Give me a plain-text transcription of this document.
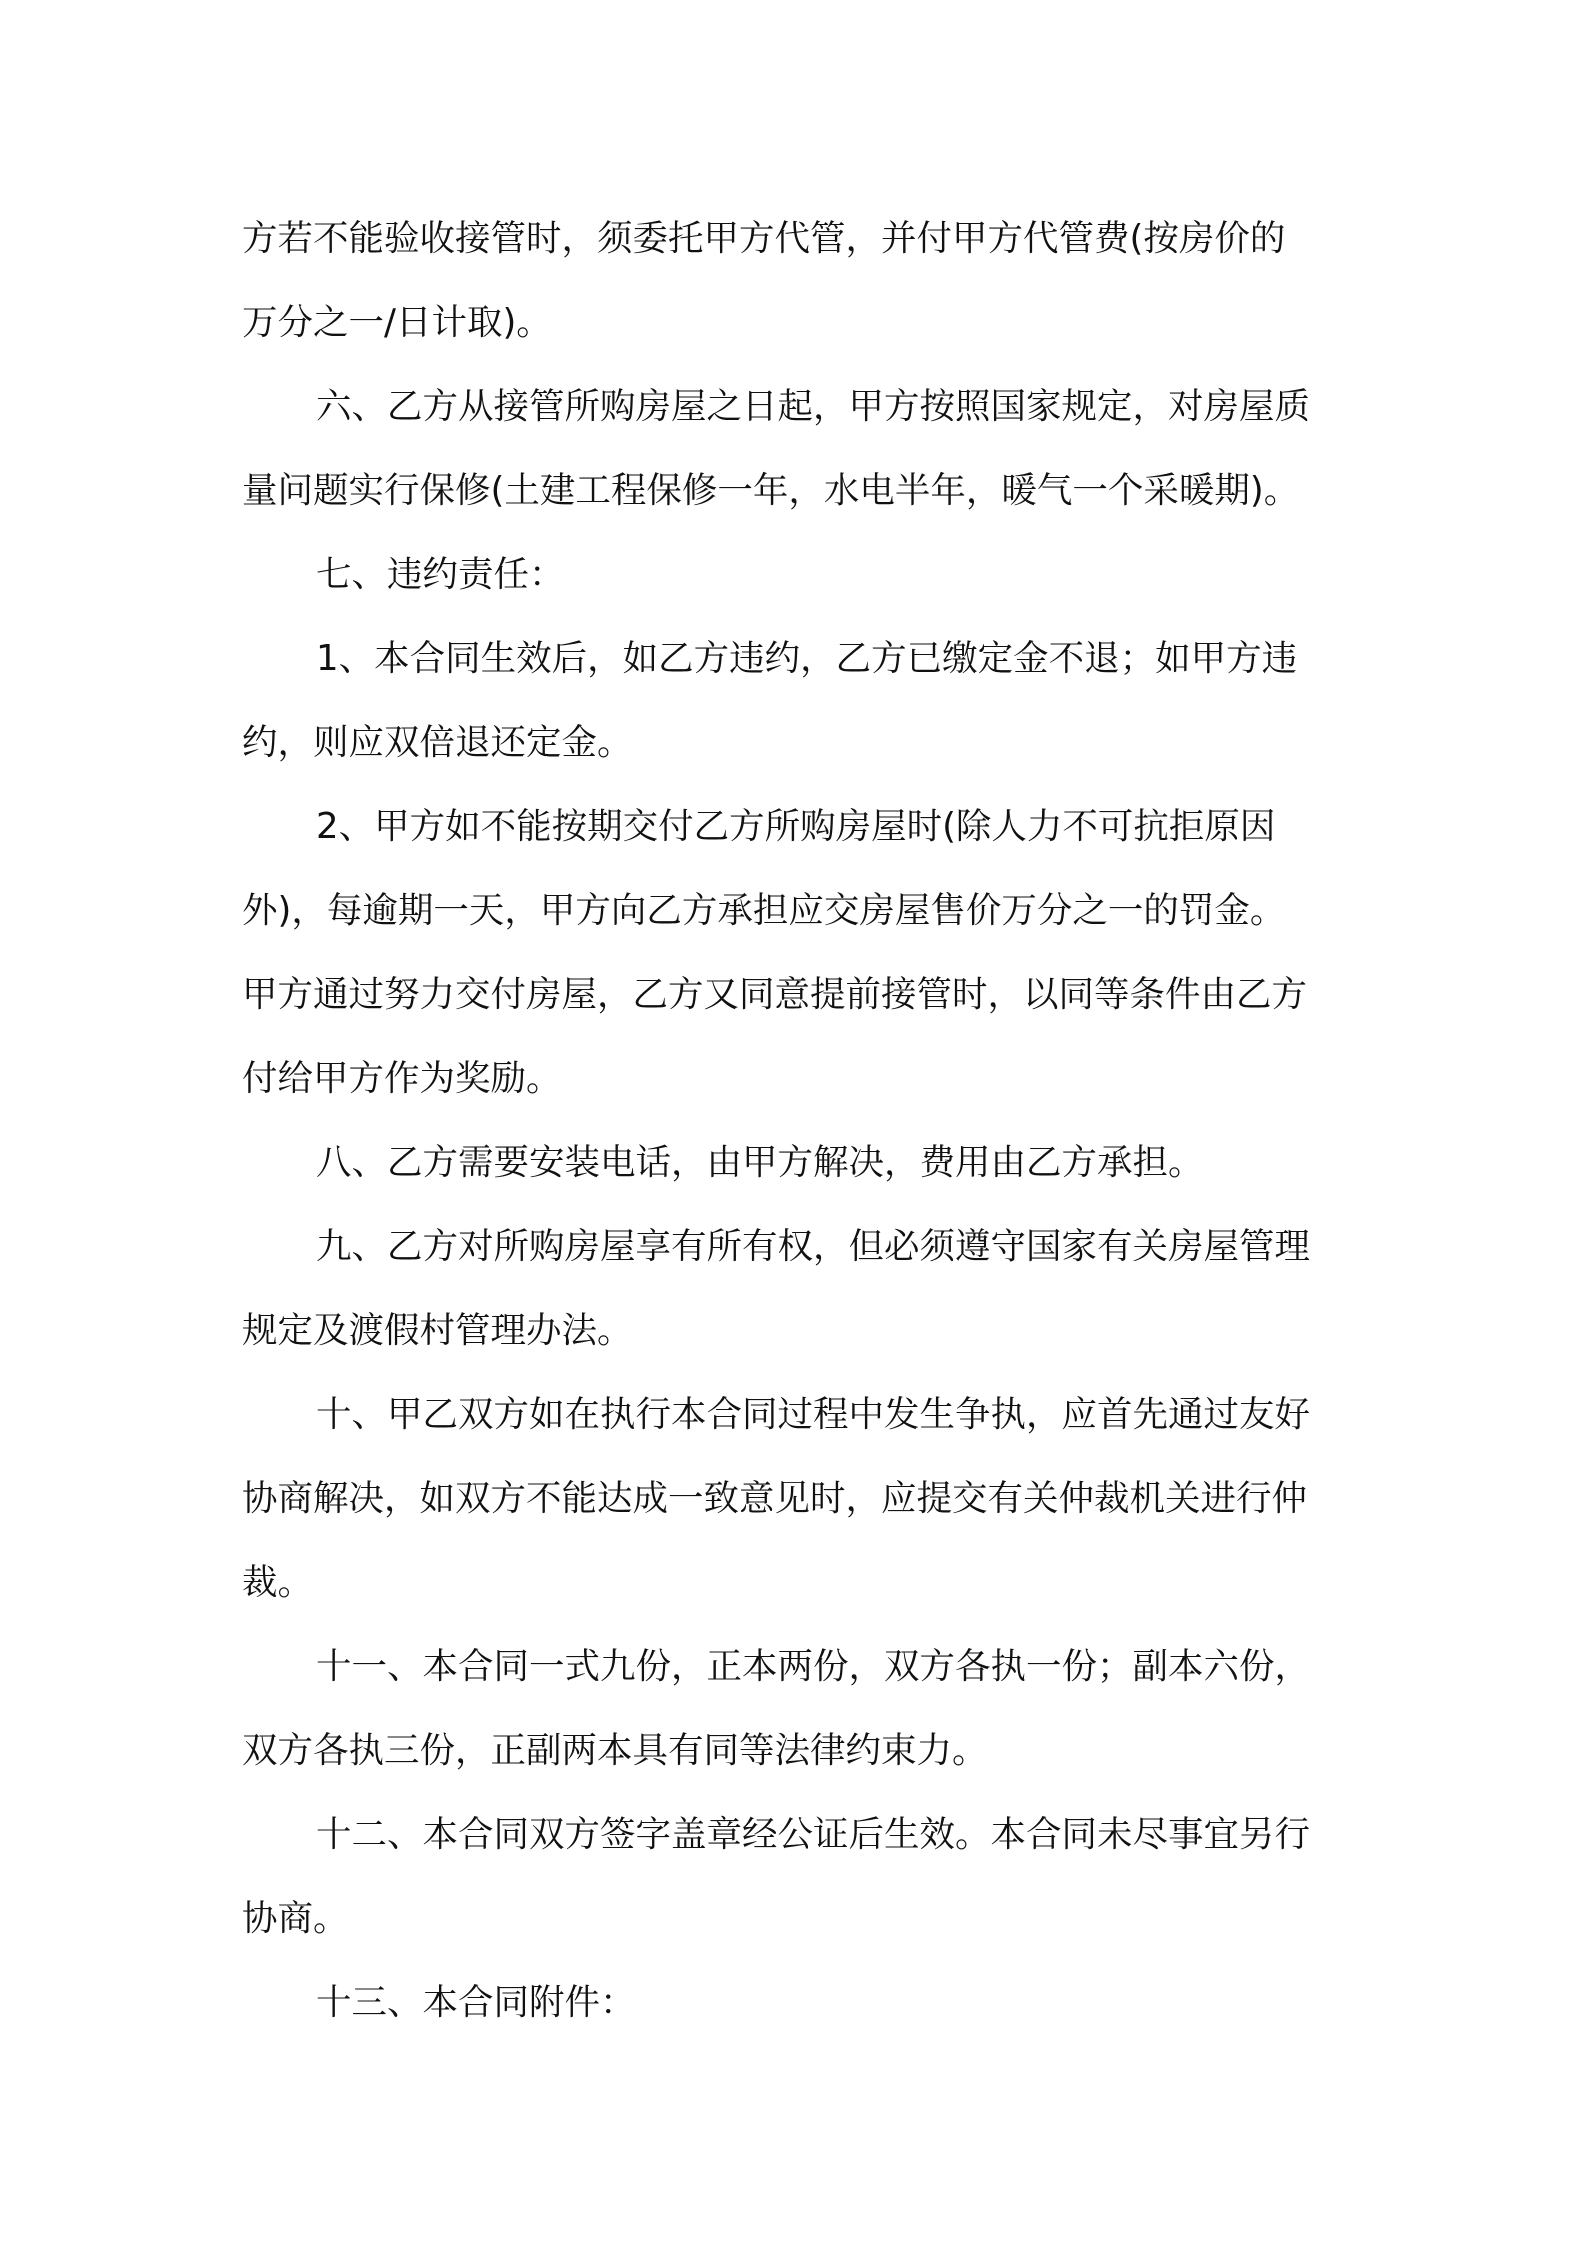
方若不能验收接管时，须委托甲方代管，并付甲方代管费(按房价的
万分之一/日计取)。
六、乙方从接管所购房屋之日起，甲方按照国家规定，对房屋质
量问题实行保修(土建工程保修一年，水电半年，暖气一个采暖期)。
七、违约责任：
1、本合同生效后，如乙方违约，乙方已缴定金不退；如甲方违
约，则应双倍退还定金。
2、甲方如不能按期交付乙方所购房屋时(除人力不可抗拒原因
外)，每逾期一天，甲方向乙方承担应交房屋售价万分之一的罚金。
甲方通过努力交付房屋，乙方又同意提前接管时，以同等条件由乙方
付给甲方作为奖励。
八、乙方需要安装电话，由甲方解决，费用由乙方承担。
九、乙方对所购房屋享有所有权，但必须遵守国家有关房屋管理
规定及渡假村管理办法。
十、甲乙双方如在执行本合同过程中发生争执，应首先通过友好
协商解决，如双方不能达成一致意见时，应提交有关仲裁机关进行仲
裁。
十一、本合同一式九份，正本两份，双方各执一份；副本六份，
双方各执三份，正副两本具有同等法律约束力。
十二、本合同双方签字盖章经公证后生效。本合同未尽事宜另行
协商。
十三、本合同附件：
